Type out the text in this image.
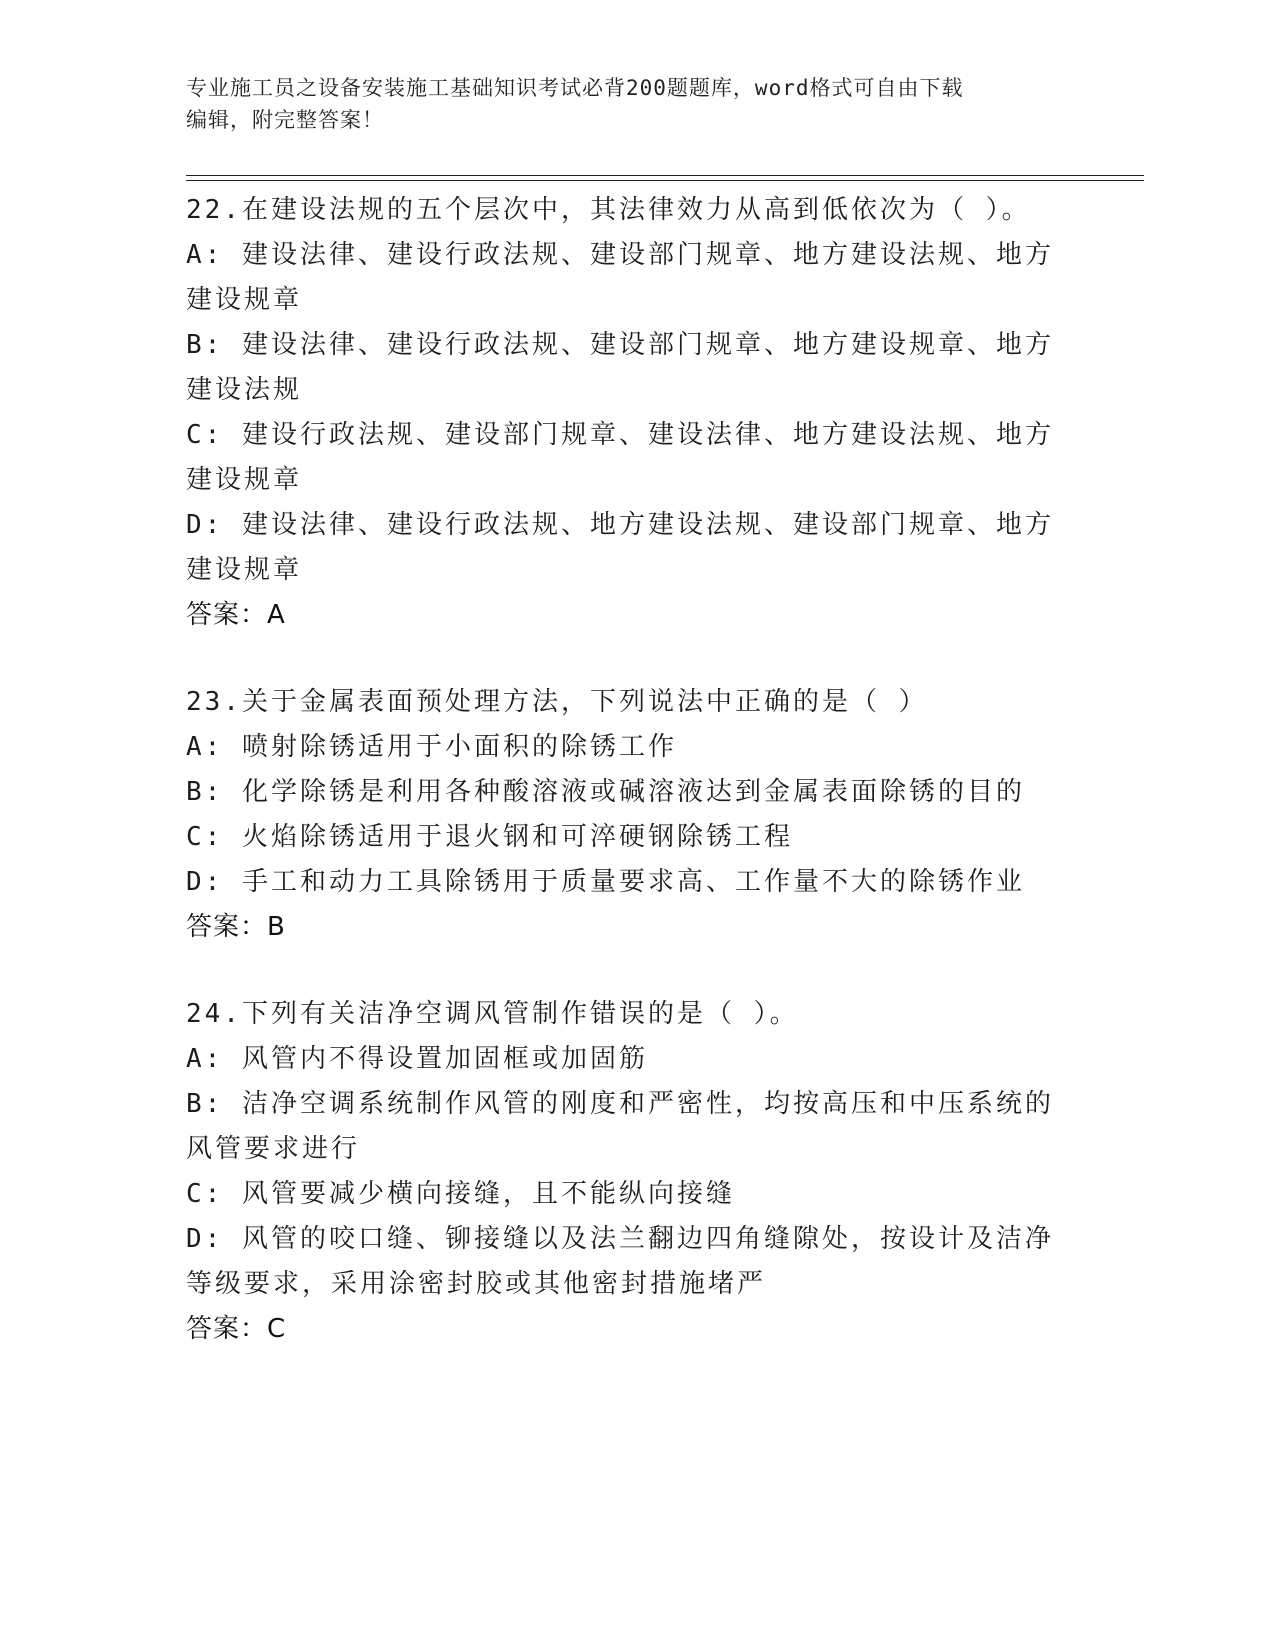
专业施工员之设备安装施工基础知识考试必背200题题库，word格式可自由下载
编辑，附完整答案！

22.在建设法规的五个层次中，其法律效力从高到低依次为（ ）。

A: 建设法律、建设行政法规、建设部门规章、地方建设法规、地方建设规章

B: 建设法律、建设行政法规、建设部门规章、地方建设规章、地方建设法规

C: 建设行政法规、建设部门规章、建设法律、地方建设法规、地方建设规章

D: 建设法律、建设行政法规、地方建设法规、建设部门规章、地方建设规章

答案：A

23.关于金属表面预处理方法，下列说法中正确的是（ ）

A: 喷射除锈适用于小面积的除锈工作

B: 化学除锈是利用各种酸溶液或碱溶液达到金属表面除锈的目的

C: 火焰除锈适用于退火钢和可淬硬钢除锈工程

D: 手工和动力工具除锈用于质量要求高、工作量不大的除锈作业

答案：B

24.下列有关洁净空调风管制作错误的是（ ）。

A: 风管内不得设置加固框或加固筋

B: 洁净空调系统制作风管的刚度和严密性，均按高压和中压系统的风管要求进行

C: 风管要减少横向接缝，且不能纵向接缝

D: 风管的咬口缝、铆接缝以及法兰翻边四角缝隙处，按设计及洁净等级要求，采用涂密封胶或其他密封措施堵严

答案：C
